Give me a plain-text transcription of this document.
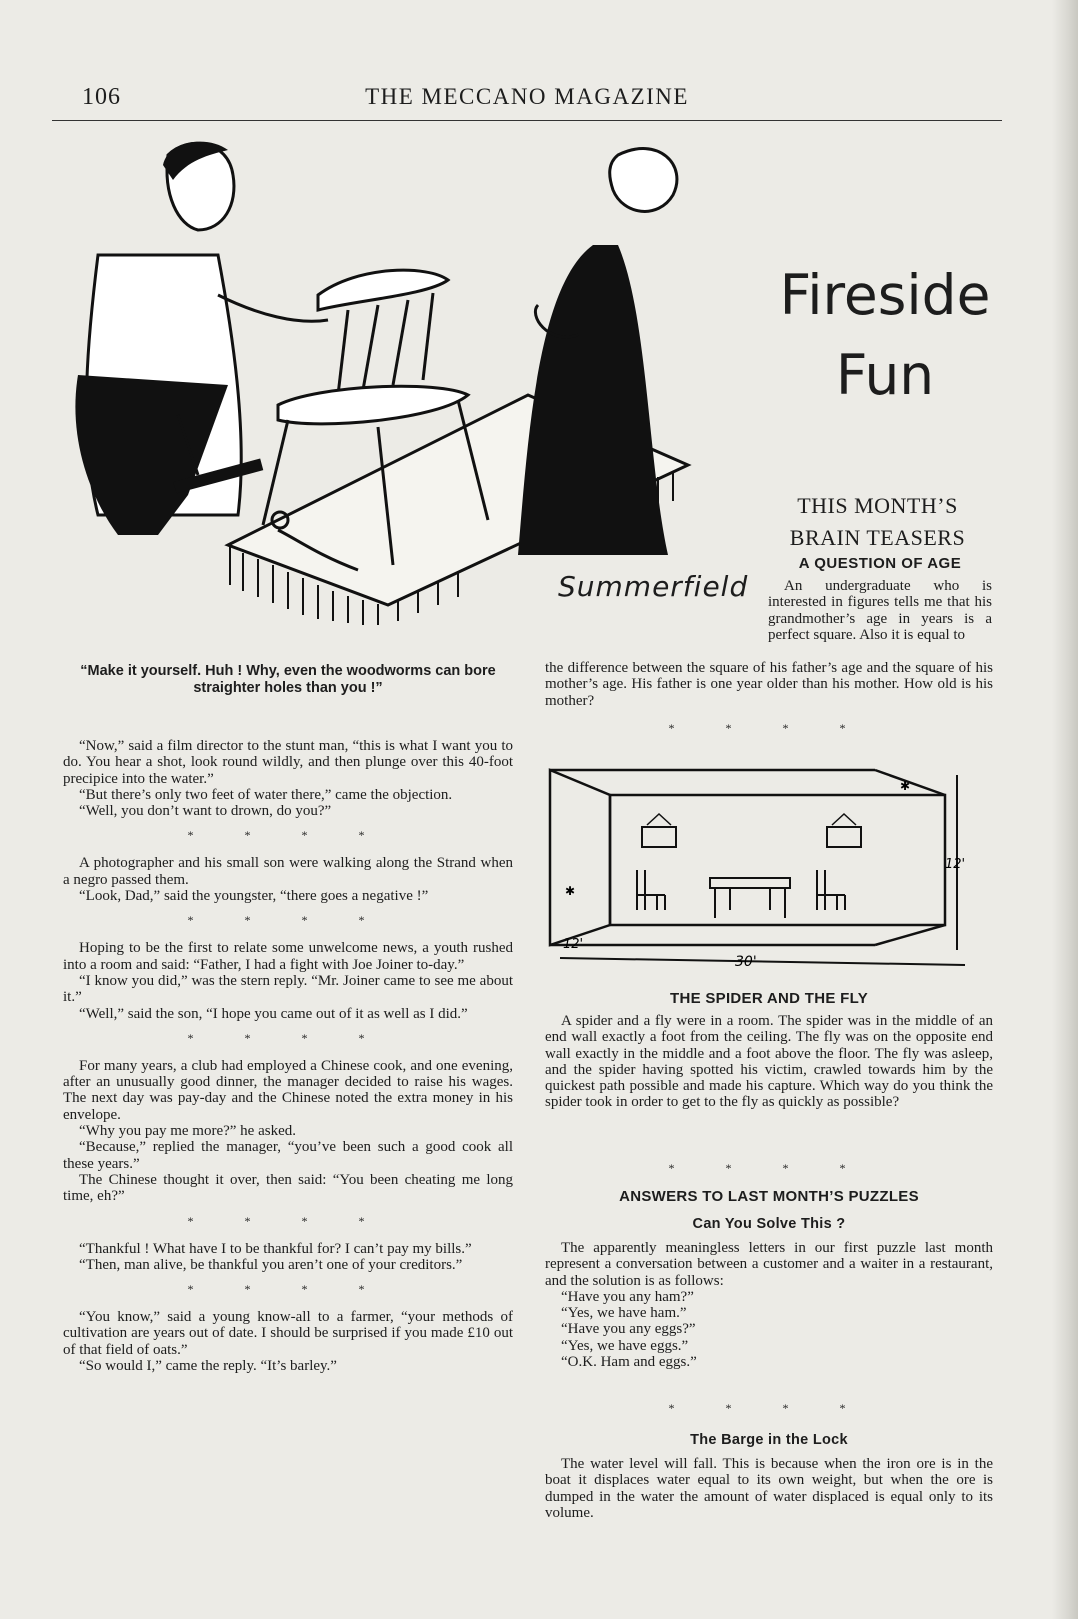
106	THE MECCANO MAGAZINE
Summerfield
“Make it yourself. Huh ! Why, even the woodworms can bore straighter holes than you !”
Fireside
Fun
THIS MONTH’S
BRAIN TEASERS
A QUESTION OF AGE

An undergraduate who is interested in figures tells me that his grandmother’s age in years is a perfect square. Also it is equal to

the difference between the square of his father’s age and the square of his mother’s age. His father is one year older than his mother. How old is his mother?

* * * *
✱
✱
12'
12'
30'
THE SPIDER AND THE FLY

A spider and a fly were in a room. The spider was in the middle of an end wall exactly a foot from the ceiling. The fly was on the opposite end wall exactly in the middle and a foot above the floor. The fly was asleep, and the spider having spotted his victim, crawled towards him by the quickest path possible and made his capture. Which way do you think the spider took in order to get to the fly as quickly as possible?

* * * *
ANSWERS TO LAST MONTH’S PUZZLES
Can You Solve This ?

The apparently meaningless letters in our first puzzle last month represent a conversation between a customer and a waiter in a restaurant, and the solution is as follows:

“Have you any ham?”

“Yes, we have ham.”

“Have you any eggs?”

“Yes, we have eggs.”

“O.K. Ham and eggs.”

* * * *
The Barge in the Lock

The water level will fall. This is because when the iron ore is in the boat it displaces water equal to its own weight, but when the ore is dumped in the water the amount of water displaced is equal only to its volume.

“Now,” said a film director to the stunt man, “this is what I want you to do. You hear a shot, look round wildly, and then plunge over this 40-foot precipice into the water.”

“But there’s only two feet of water there,” came the objection.

“Well, you don’t want to drown, do you?”

* * * *

A photographer and his small son were walking along the Strand when a negro passed them.

“Look, Dad,” said the youngster, “there goes a negative !”

* * * *

Hoping to be the first to relate some unwelcome news, a youth rushed into a room and said: “Father, I had a fight with Joe Joiner to-day.”

“I know you did,” was the stern reply. “Mr. Joiner came to see me about it.”

“Well,” said the son, “I hope you came out of it as well as I did.”

* * * *

For many years, a club had employed a Chinese cook, and one evening, after an unusually good dinner, the manager decided to raise his wages. The next day was pay-day and the Chinese noted the extra money in his envelope.

“Why you pay me more?” he asked.

“Because,” replied the manager, “you’ve been such a good cook all these years.”

The Chinese thought it over, then said: “You been cheating me long time, eh?”

* * * *

“Thankful ! What have I to be thankful for? I can’t pay my bills.”

“Then, man alive, be thankful you aren’t one of your creditors.”

* * * *

“You know,” said a young know-all to a farmer, “your methods of cultivation are years out of date. I should be surprised if you made £10 out of that field of oats.”

“So would I,” came the reply. “It’s barley.”
